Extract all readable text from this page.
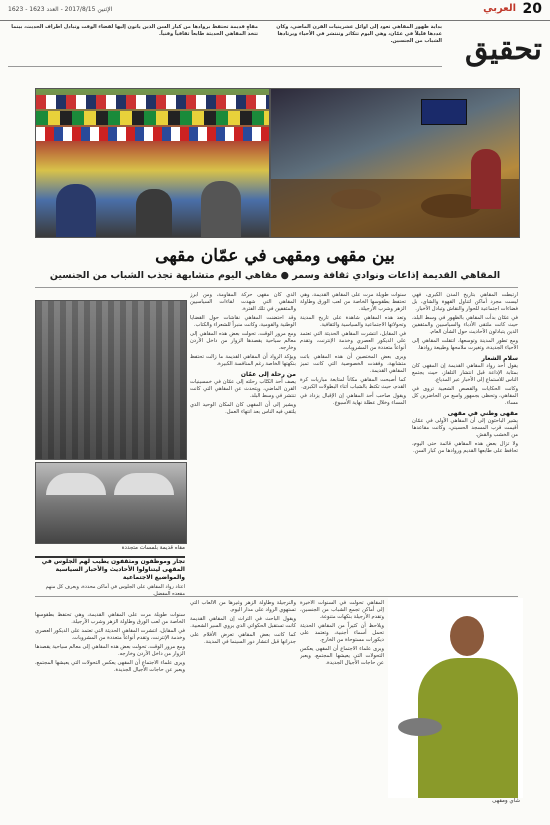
20
العربي
الإثنين 2017/8/15 - العدد 1623 - 1623
تحقيق
بداية ظهور المقاهي تعود إلى أوائل عشرينيات القرن الماضي، وكان عددها قليلاً في عمّان، وهي اليوم تتكاثر وتنتشر في الأحياء ويرتادها الشباب من الجنسين.
مقاهٍ قديمة تحتفظ بروادها من كبار السن الذين يأتون إليها لقضاء الوقت وتبادل أطراف الحديث، بينما تتخذ المقاهي الحديثة طابعاً ثقافياً وفنياً.
بين مقهى ومقهى في عمّان مقهى
المقاهي القديمة إذاعات ونوادي ثقافة وسمر ● مقاهي اليوم متشابهة تجذب الشباب من الجنسين

ارتبطت المقاهي بتاريخ المدن الكبرى، فهي ليست مجرد أماكن لتناول القهوة والشاي، بل فضاءات اجتماعية للحوار والنقاش وتبادل الأخبار.

في عمّان بدأت المقاهي بالظهور في وسط البلد، حيث كانت ملتقى الأدباء والسياسيين والمثقفين الذين يتبادلون الأحاديث حول الشأن العام.

ومع تطور المدينة وتوسعها، انتقلت المقاهي إلى الأحياء الجديدة، وتغيرت ملامحها وطبيعة روادها.

سلام الشعار

يقول أحد رواد المقاهي القديمة إن المقهى كان بمثابة الإذاعة قبل انتشار التلفاز، حيث يجتمع الناس للاستماع إلى الأخبار عبر المذياع.

وكانت الحكايات والقصص الشعبية تروى في المقاهي، وتحظى بجمهور واسع من الحاضرين كل مساء.

مقهى وطني في مقهى

يشير الباحثون إلى أن المقاهي الأولى في عمّان أقيمت قرب المسجد الحسيني، وكانت مقاعدها من الخشب والقش.

ولا تزال بعض هذه المقاهي قائمة حتى اليوم، تحافظ على طابعها القديم وروادها من كبار السن.

سنوات طويلة مرت على المقاهي القديمة، وهي تحتفظ بطقوسها الخاصة من لعب الورق وطاولة الزهر وشرب الأرجيلة.

وتعد هذه المقاهي شاهدة على تاريخ المدينة وتحولاتها الاجتماعية والسياسية والثقافية.

في المقابل، انتشرت المقاهي الحديثة التي تعتمد على الديكور العصري وخدمة الإنترنت، وتقدم أنواعاً متعددة من المشروبات.

ويرى بعض المختصين أن هذه المقاهي باتت متشابهة، وفقدت الخصوصية التي كانت تميز المقاهي القديمة.

كما أصبحت المقاهي مكاناً لمتابعة مباريات كرة القدم، حيث تكتظ بالشباب أثناء البطولات الكبرى.

ويقول صاحب أحد المقاهي إن الإقبال يزداد في المساء وخلال عطلة نهاية الأسبوع.

الذي كان مقهى حركة المقاومة، ومن أبرز المقاهي التي شهدت لقاءات السياسيين والمثقفين في تلك الفترة.

وقد احتضنت المقاهي نقاشات حول القضايا الوطنية والقومية، وكانت منبراً للشعراء والكتاب.

ومع مرور الوقت، تحولت بعض هذه المقاهي إلى معالم سياحية يقصدها الزوار من داخل الأردن وخارجه.

ويؤكد الرواد أن المقاهي القديمة ما زالت تحتفظ بنكهتها الخاصة رغم المنافسة الكبيرة.

من رحلة إلى عمّان

يصف أحد الكتّاب رحلته إلى عمّان في خمسينيات القرن الماضي، ويتحدث عن المقاهي التي كانت تنتشر في وسط البلد.

ويشير إلى أن المقهى كان المكان الوحيد الذي يلتقي فيه الناس بعد انتهاء العمل.

مقاه قديمة بلمسات متجددة
تجار وموظفون ومثقفون يطيب لهم الجلوس في المقهى ليتناولوا الأحاديث والأخبار السياسية والمواضيع الاجتماعية
اعتاد رواد المقاهي على الجلوس في أماكن محددة، ويعرف كل منهم مقعده المفضل.

المقاهي تحولت في السنوات الأخيرة إلى أماكن تجمع الشباب من الجنسين، وتقدم الأرجيلة بنكهات متنوعة.

ويلاحظ أن كثيراً من المقاهي الحديثة تحمل أسماء أجنبية، وتعتمد على ديكورات مستوحاة من الخارج.

ويرى علماء الاجتماع أن المقهى يعكس التحولات التي يعيشها المجتمع، ويعبر عن حاجات الأجيال الجديدة.

والنرجيلة وطاولة الزهر وغيرها من الألعاب التي تستهوي الرواد على مدار اليوم.

ويقول الباحث في التراث إن المقاهي القديمة كانت تستقبل الحكواتي الذي يروي السير الشعبية.

كما كانت بعض المقاهي تعرض الأفلام على جدرانها قبل انتشار دور السينما في المدينة.

سنوات طويلة مرت على المقاهي القديمة، وهي تحتفظ بطقوسها الخاصة من لعب الورق وطاولة الزهر وشرب الأرجيلة.

في المقابل، انتشرت المقاهي الحديثة التي تعتمد على الديكور العصري وخدمة الإنترنت، وتقدم أنواعاً متعددة من المشروبات.

ومع مرور الوقت، تحولت بعض هذه المقاهي إلى معالم سياحية يقصدها الزوار من داخل الأردن وخارجه.

ويرى علماء الاجتماع أن المقهى يعكس التحولات التي يعيشها المجتمع، ويعبر عن حاجات الأجيال الجديدة.

شاي ومقهى
